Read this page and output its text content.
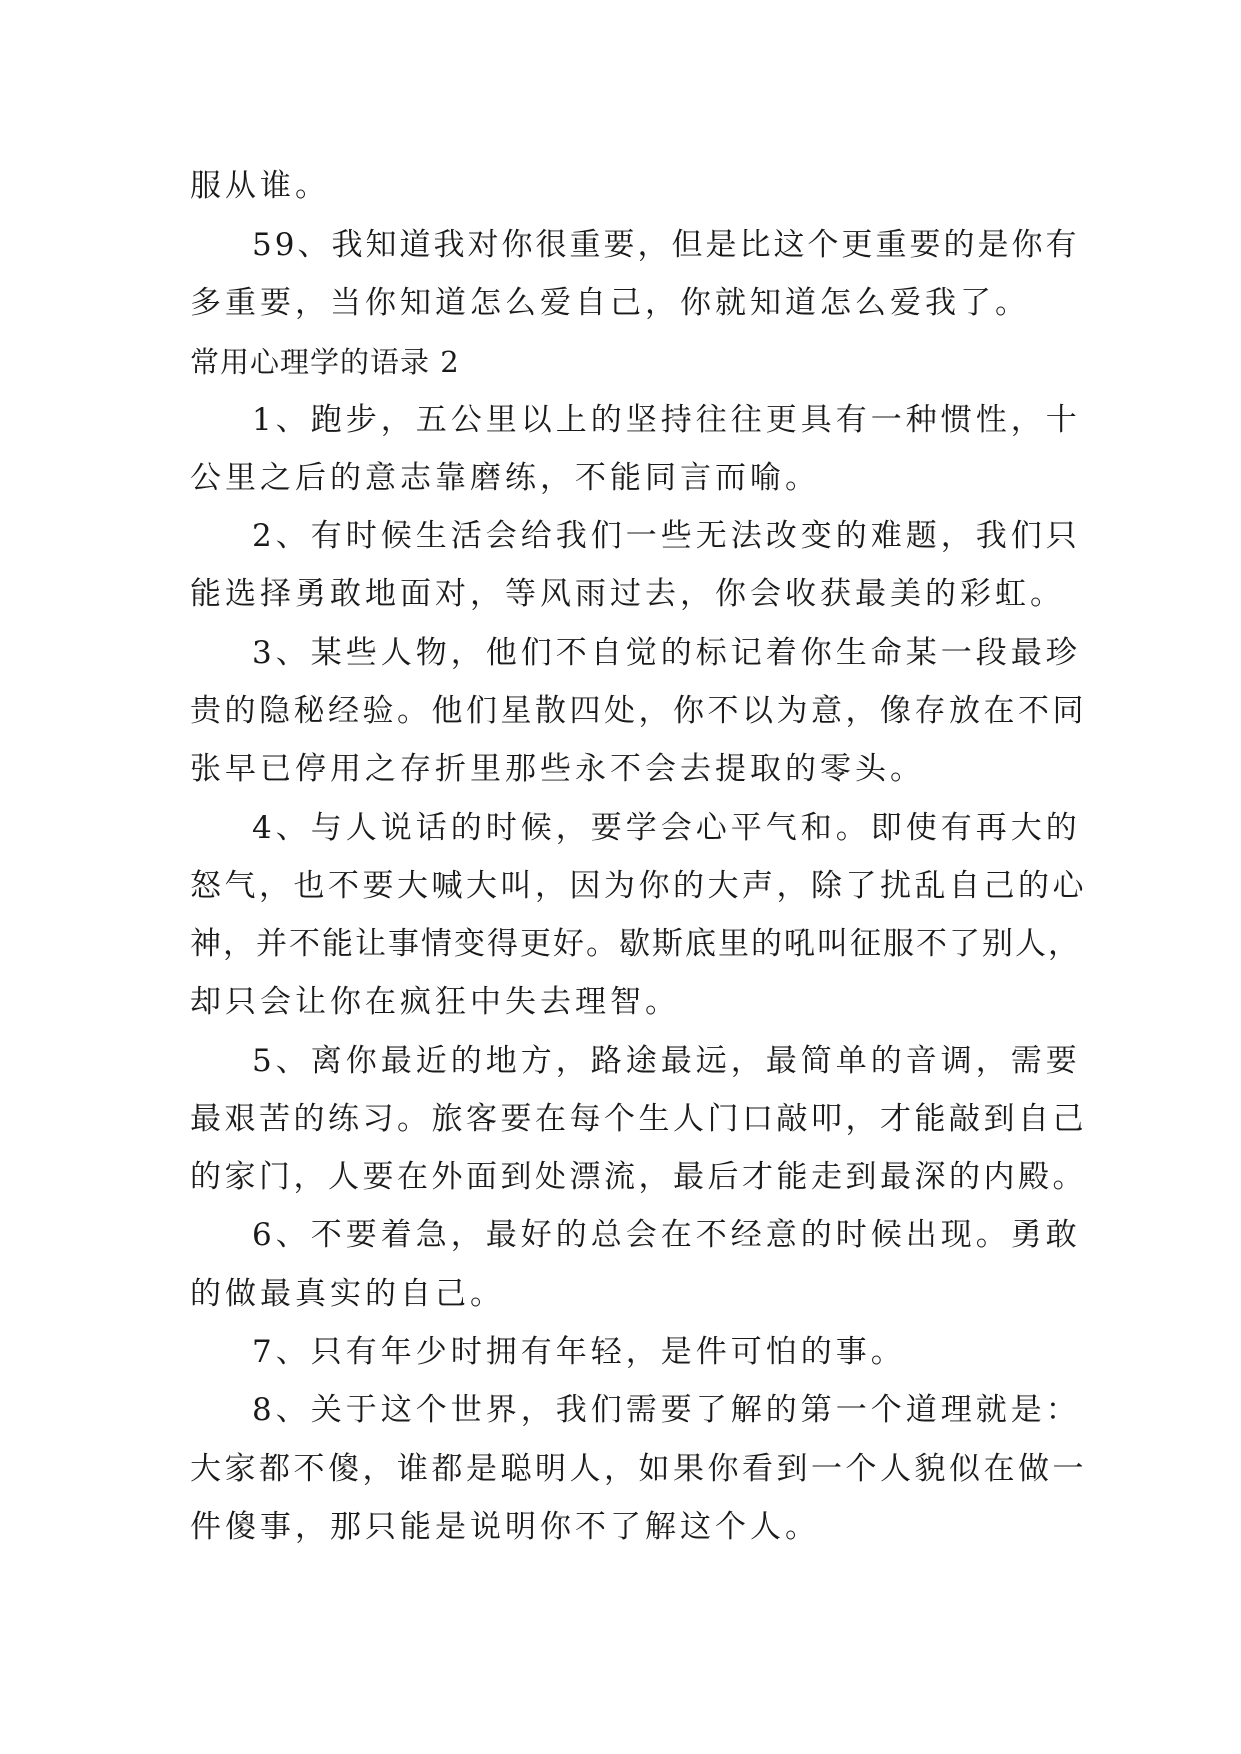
服从谁。
59、我知道我对你很重要，但是比这个更重要的是你有
多重要，当你知道怎么爱自己，你就知道怎么爱我了。
常用心理学的语录 2
1、跑步，五公里以上的坚持往往更具有一种惯性，十
公里之后的意志靠磨练，不能同言而喻。
2、有时候生活会给我们一些无法改变的难题，我们只
能选择勇敢地面对，等风雨过去，你会收获最美的彩虹。
3、某些人物，他们不自觉的标记着你生命某一段最珍
贵的隐秘经验。他们星散四处，你不以为意，像存放在不同
张早已停用之存折里那些永不会去提取的零头。
4、与人说话的时候，要学会心平气和。即使有再大的
怒气，也不要大喊大叫，因为你的大声，除了扰乱自己的心
神，并不能让事情变得更好。歇斯底里的吼叫征服不了别人，
却只会让你在疯狂中失去理智。
5、离你最近的地方，路途最远，最简单的音调，需要
最艰苦的练习。旅客要在每个生人门口敲叩，才能敲到自己
的家门，人要在外面到处漂流，最后才能走到最深的内殿。
6、不要着急，最好的总会在不经意的时候出现。勇敢
的做最真实的自己。
7、只有年少时拥有年轻，是件可怕的事。
8、关于这个世界，我们需要了解的第一个道理就是：
大家都不傻，谁都是聪明人，如果你看到一个人貌似在做一
件傻事，那只能是说明你不了解这个人。
